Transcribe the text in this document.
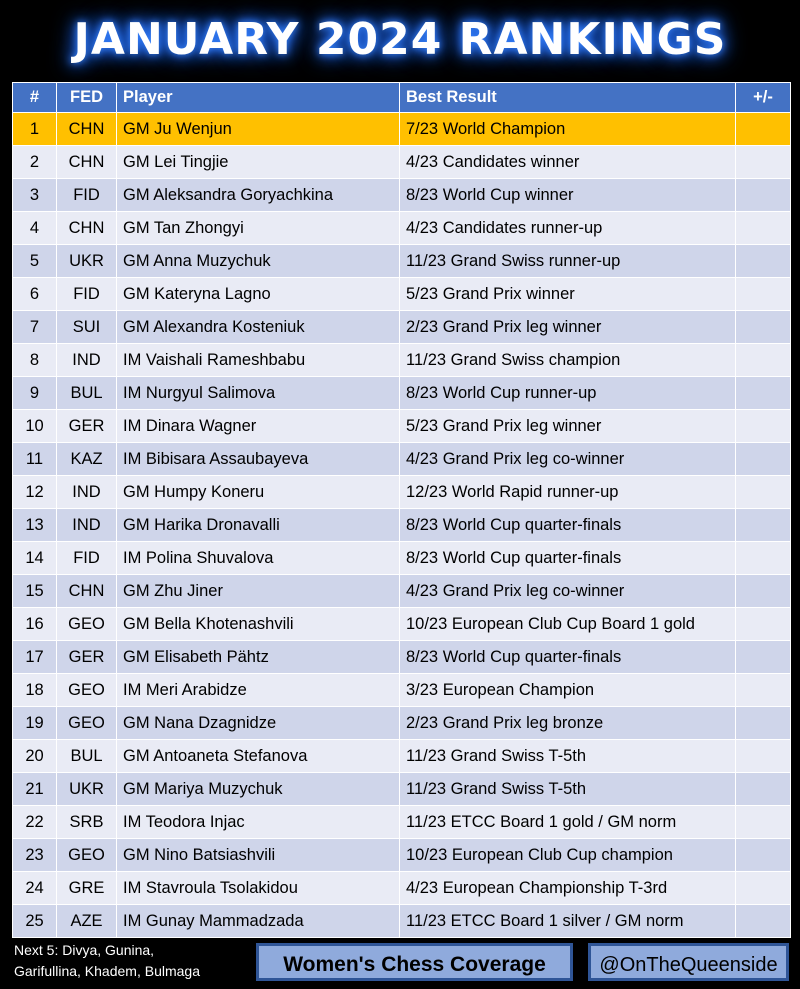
JANUARY 2024 RANKINGS
#	FED	Player	Best Result	+/-
1	CHN	GM Ju Wenjun	7/23 World Champion	
2	CHN	GM Lei Tingjie	4/23 Candidates winner	
3	FID	GM Aleksandra Goryachkina	8/23 World Cup winner	
4	CHN	GM Tan Zhongyi	4/23 Candidates runner-up	
5	UKR	GM Anna Muzychuk	11/23 Grand Swiss runner-up	
6	FID	GM Kateryna Lagno	5/23 Grand Prix winner	
7	SUI	GM Alexandra Kosteniuk	2/23 Grand Prix leg winner	
8	IND	IM Vaishali Rameshbabu	11/23 Grand Swiss champion	
9	BUL	IM Nurgyul Salimova	8/23 World Cup runner-up	
10	GER	IM Dinara Wagner	5/23 Grand Prix leg winner	
11	KAZ	IM Bibisara Assaubayeva	4/23 Grand Prix leg co-winner	
12	IND	GM Humpy Koneru	12/23 World Rapid runner-up	
13	IND	GM Harika Dronavalli	8/23 World Cup quarter-finals	
14	FID	IM Polina Shuvalova	8/23 World Cup quarter-finals	
15	CHN	GM Zhu Jiner	4/23 Grand Prix leg co-winner	
16	GEO	GM Bella Khotenashvili	10/23 European Club Cup Board 1 gold	
17	GER	GM Elisabeth Pähtz	8/23 World Cup quarter-finals	
18	GEO	IM Meri Arabidze	3/23 European Champion	
19	GEO	GM Nana Dzagnidze	2/23 Grand Prix leg bronze	
20	BUL	GM Antoaneta Stefanova	11/23 Grand Swiss T-5th	
21	UKR	GM Mariya Muzychuk	11/23 Grand Swiss T-5th	
22	SRB	IM Teodora Injac	11/23 ETCC Board 1 gold / GM norm	
23	GEO	GM Nino Batsiashvili	10/23 European Club Cup champion	
24	GRE	IM Stavroula Tsolakidou	4/23 European Championship T-3rd	
25	AZE	IM Gunay Mammadzada	11/23 ETCC Board 1 silver / GM norm	
Next 5: Divya, Gunina,
Garifullina, Khadem, Bulmaga	Women's Chess Coverage	@OnTheQueenside
